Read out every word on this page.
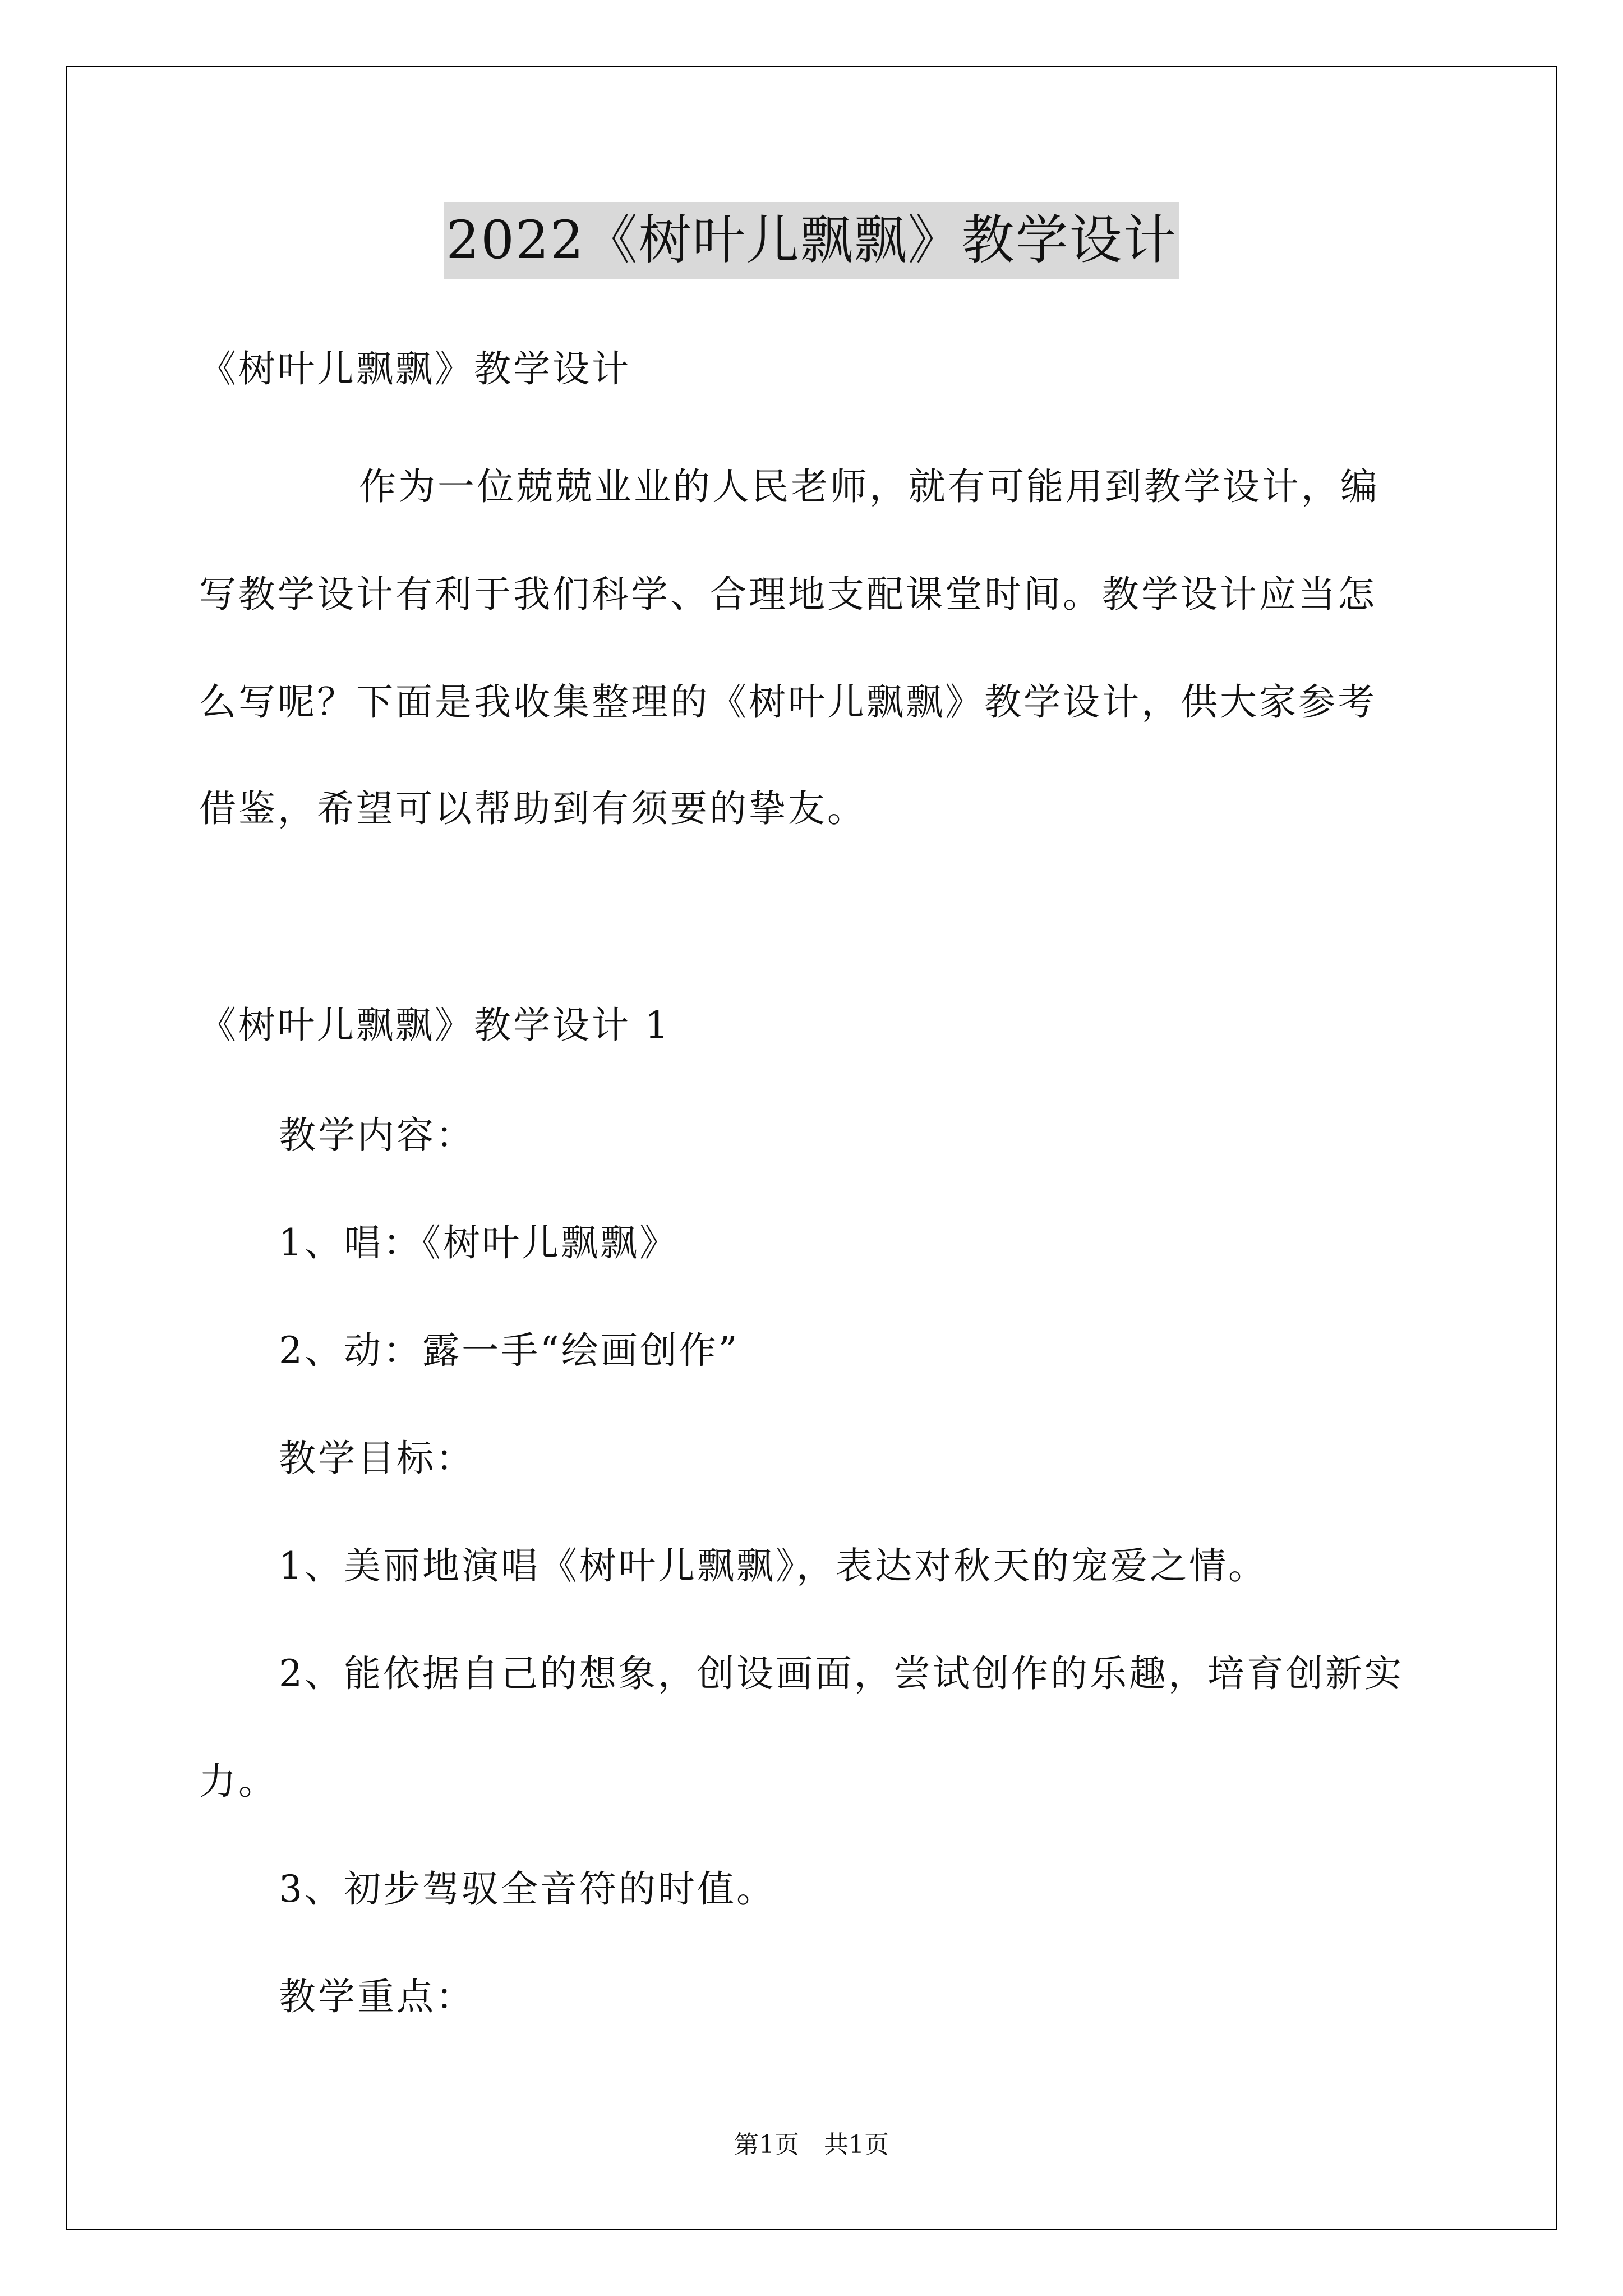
2022《树叶儿飘飘》教学设计
《树叶儿飘飘》教学设计
作为一位兢兢业业的人民老师，就有可能用到教学设计，编
写教学设计有利于我们科学、合理地支配课堂时间。教学设计应当怎
么写呢？下面是我收集整理的《树叶儿飘飘》教学设计，供大家参考
借鉴，希望可以帮助到有须要的挚友。
《树叶儿飘飘》教学设计 1
教学内容：
1、唱：《树叶儿飘飘》
2、动：露一手“绘画创作”
教学目标：
1、美丽地演唱《树叶儿飘飘》，表达对秋天的宠爱之情。
2、能依据自己的想象，创设画面，尝试创作的乐趣，培育创新实
力。
3、初步驾驭全音符的时值。
教学重点：
第1页　共1页
